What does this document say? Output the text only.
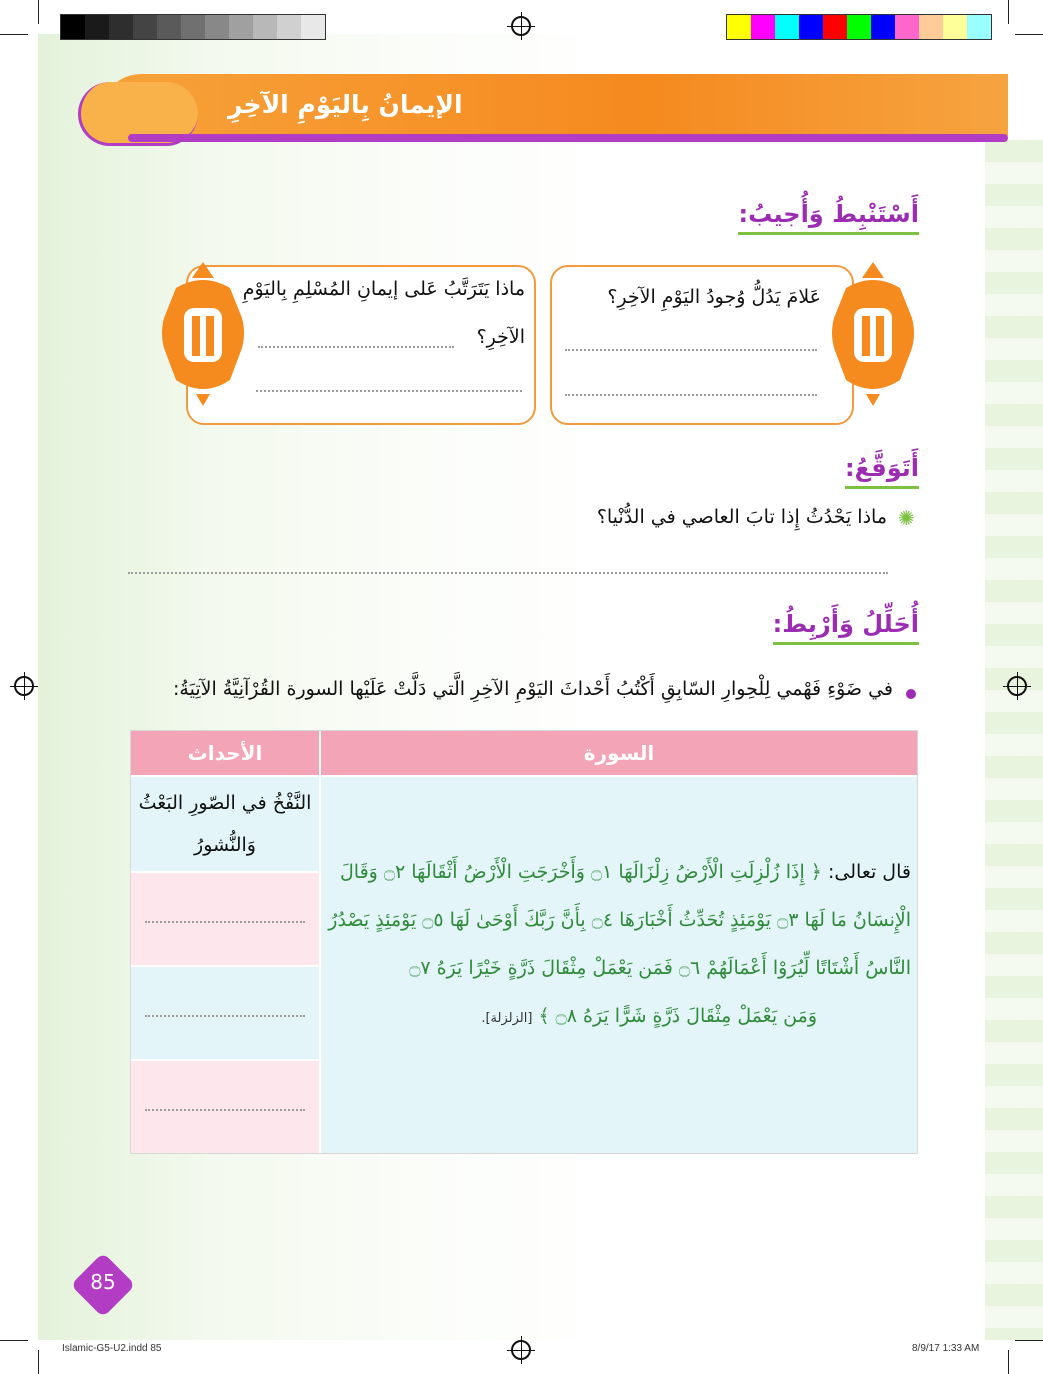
الإيمانُ بِاليَوْمِ الآخِرِ
أَسْتَنْبِطُ وَأُجيبُ:
عَلامَ يَدُلُّ وُجودُ اليَوْمِ الآخِرِ؟
ماذا يَتَرَتَّبُ عَلى إيمانِ المُسْلِمِ بِاليَوْمِ
الآخِرِ؟
أَتَوَقَّعُ:
✺
ماذا يَحْدُثُ إِذا تابَ العاصي في الدُّنْيا؟
أُحَلِّلُ وَأَرْبِطُ:
في ضَوْءِ فَهْمي لِلْحِوارِ السّابِقِ أَكْتُبُ أَحْداثَ اليَوْمِ الآخِرِ الَّتي دَلَّتْ عَلَيْها السورة القُرْآنِيَّةُ الآتِيَةُ:
السورة
الأحداث
قال تعالى: ﴿ إِذَا زُلْزِلَتِ الْأَرْضُ زِلْزَالَهَا ۝١ وَأَخْرَجَتِ الْأَرْضُ أَثْقَالَهَا ۝٢ وَقَالَ
الْإِنسَانُ مَا لَهَا ۝٣ يَوْمَئِذٍ تُحَدِّثُ أَخْبَارَهَا ۝٤ بِأَنَّ رَبَّكَ أَوْحَىٰ لَهَا ۝٥ يَوْمَئِذٍ يَصْدُرُ
النَّاسُ أَشْتَاتًا لِّيُرَوْا أَعْمَالَهُمْ ۝٦ فَمَن يَعْمَلْ مِثْقَالَ ذَرَّةٍ خَيْرًا يَرَهُ ۝٧
وَمَن يَعْمَلْ مِثْقَالَ ذَرَّةٍ شَرًّا يَرَهُ ۝٨ ﴾ [الزلزلة].
النَّفْخُ في الصّورِ البَعْثُ
وَالنُّشورُ
85
Islamic-G5-U2.indd 85	8/9/17 1:33 AM
